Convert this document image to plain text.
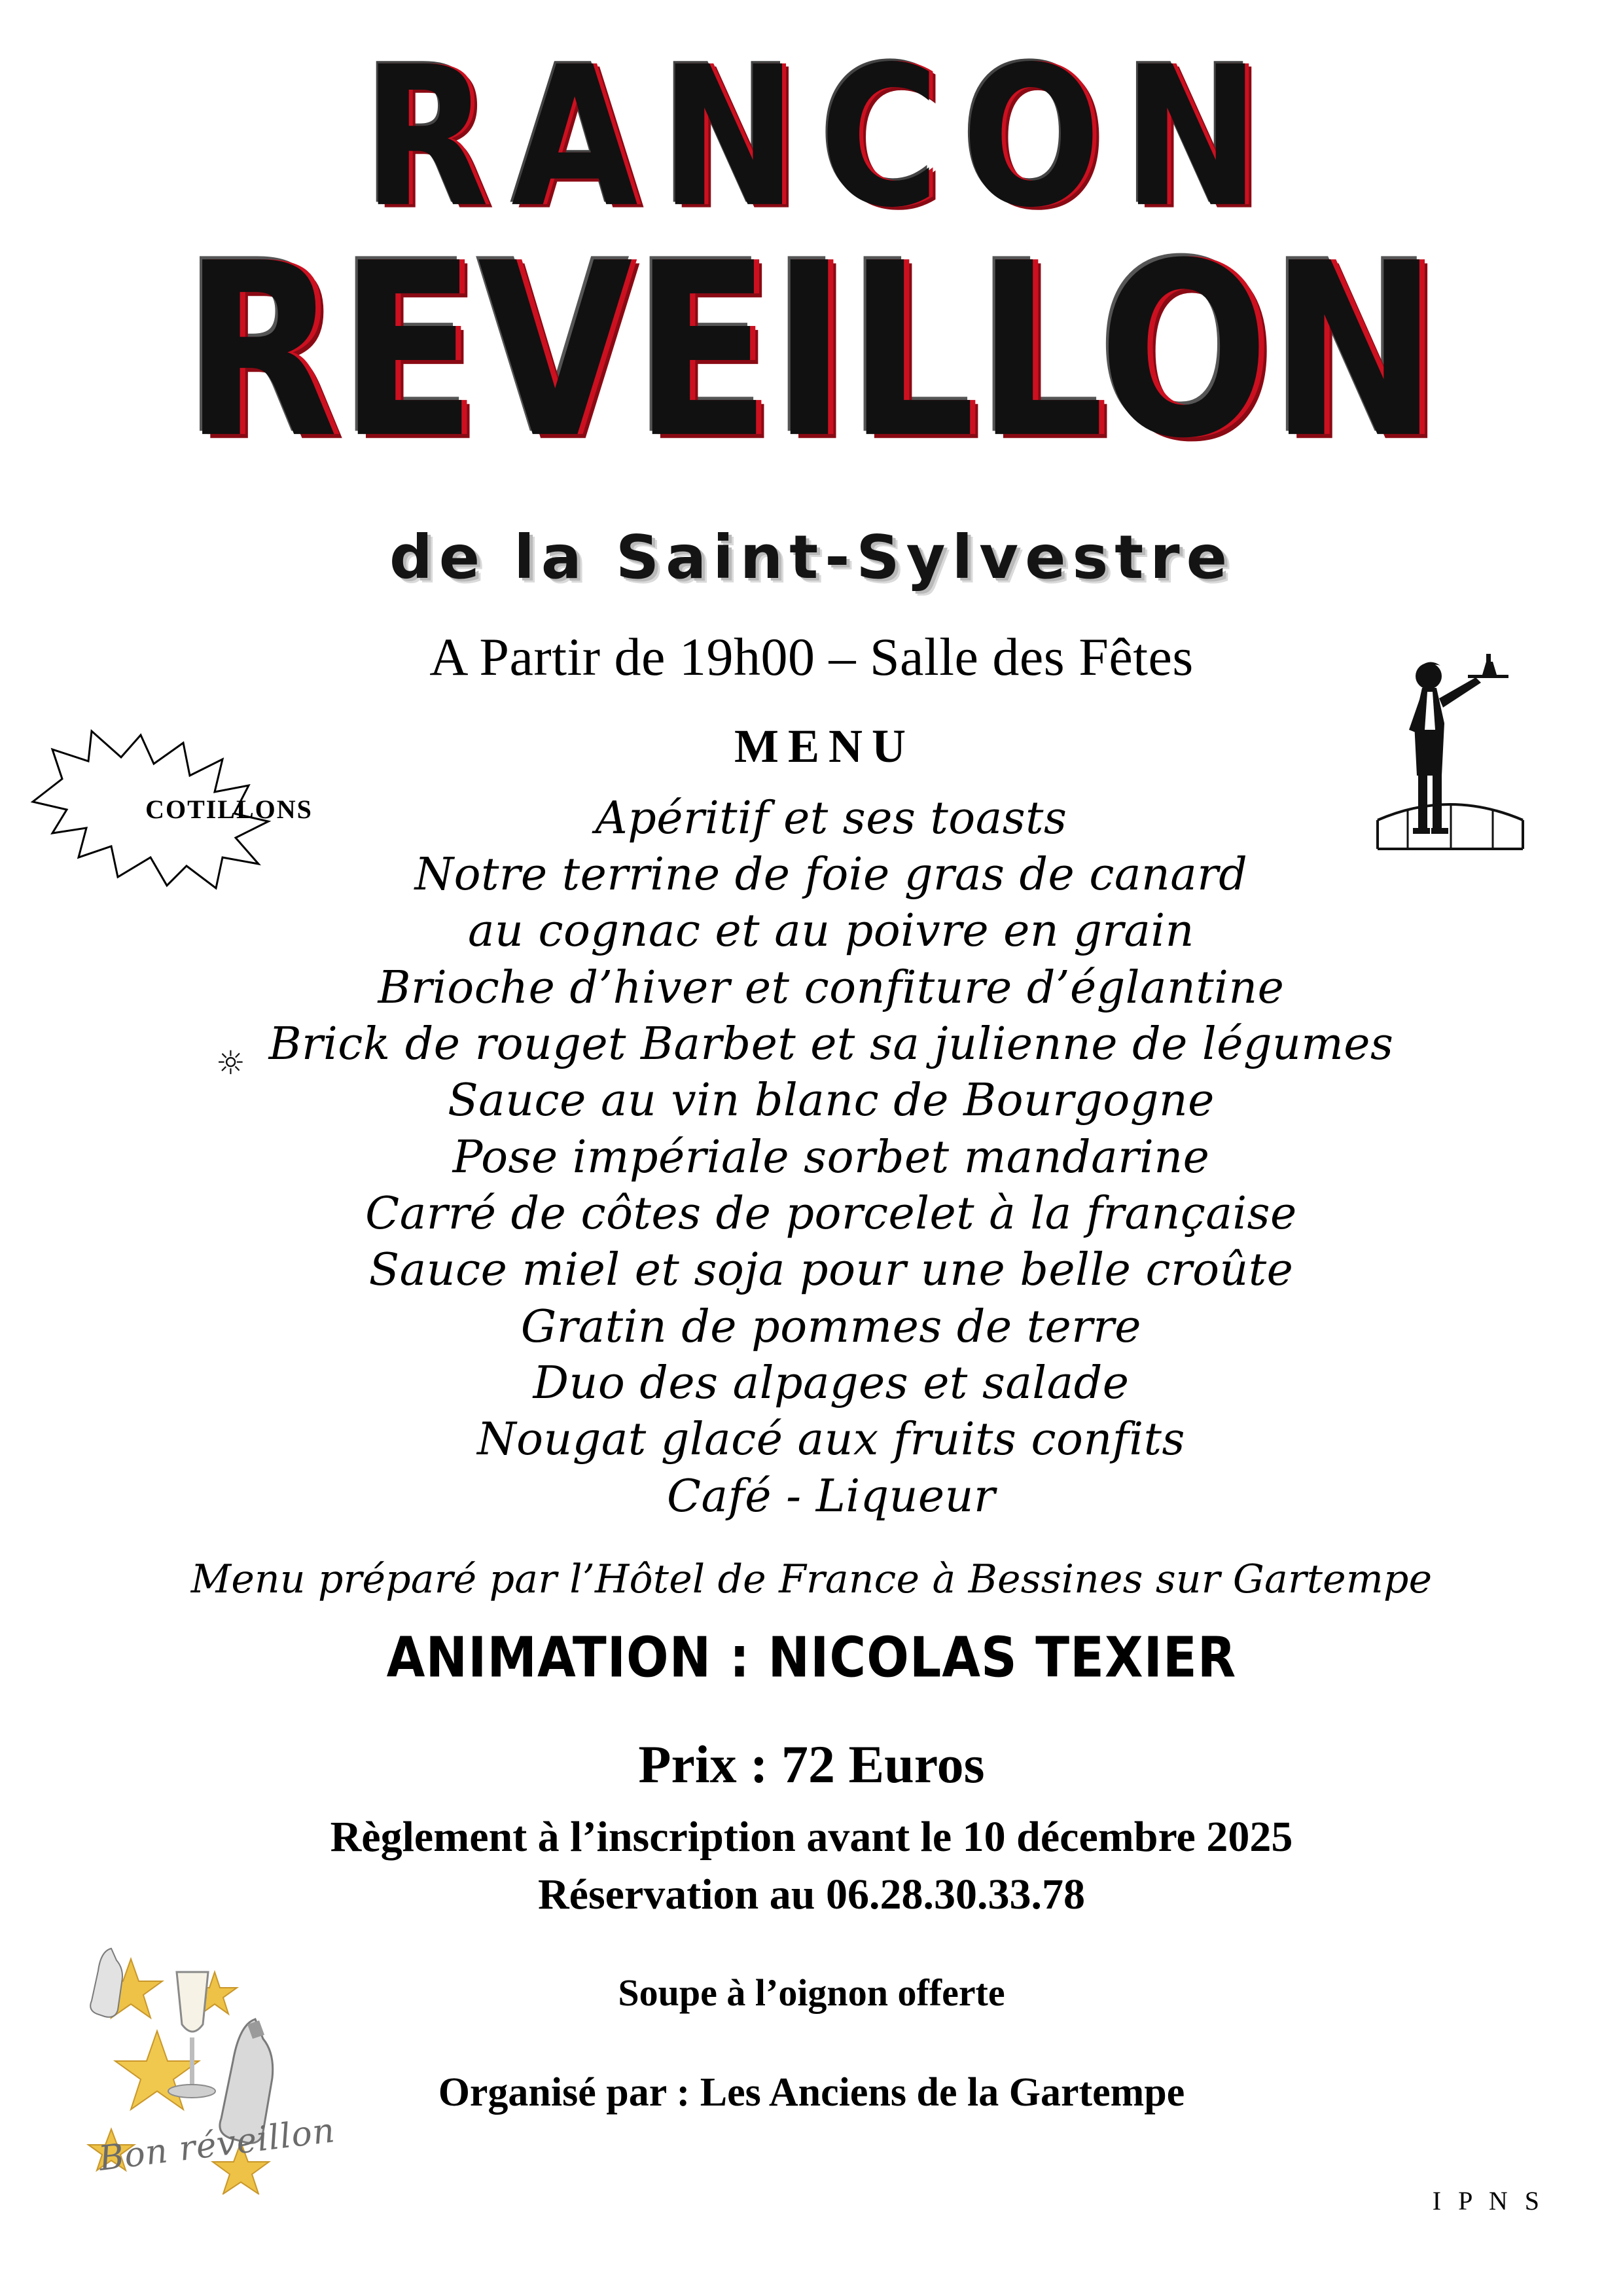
RANCON
REVEILLON
de la Saint-Sylvestre
A Partir de 19h00 – Salle des Fêtes
COTILLONS
MENU
Apéritif et ses toasts
Notre terrine de foie gras de canard
au cognac et au poivre en grain
Brioche d’hiver et confiture d’églantine
Brick de rouget Barbet et sa julienne de légumes
Sauce au vin blanc de Bourgogne
Pose impériale sorbet mandarine
Carré de côtes de porcelet à la française
Sauce miel et soja pour une belle croûte
Gratin de pommes de terre
Duo des alpages et salade
Nougat glacé aux fruits confits
Café - Liqueur
☼ 
Menu préparé par l’Hôtel de France à Bessines sur Gartempe
ANIMATION : NICOLAS TEXIER
Prix : 72 Euros
Règlement à l’inscription avant le 10 décembre 2025
Réservation au 06.28.30.33.78
Soupe à l’oignon offerte
Organisé par : Les Anciens de la Gartempe
I P N S
Bon réveillon
